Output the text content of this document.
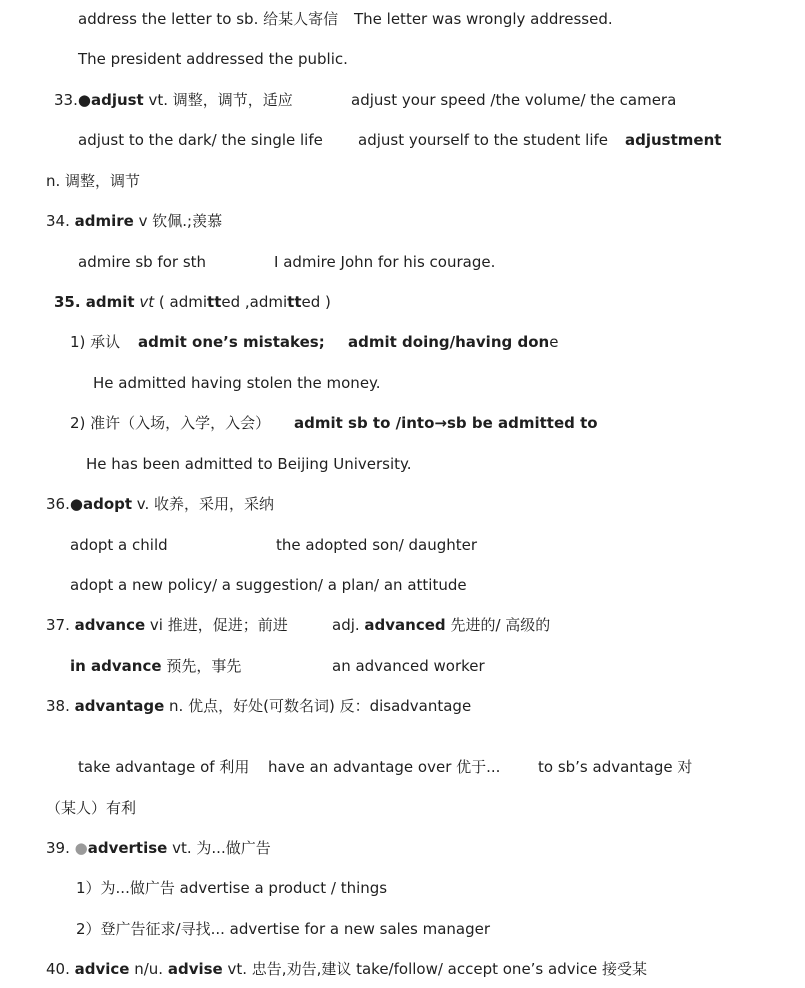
address the letter to sb. 给某人寄信 The letter was wrongly addressed.
The president addressed the public.
33.●adjust vt. 调整，调节，适应	adjust your speed /the volume/ the camera
adjust to the dark/ the single life adjust yourself to the student life adjustment
n. 调整，调节
34. admire v 钦佩.;羡慕
admire sb for sth	I admire John for his courage.
35. admit vt ( admitted ,admitted )
1) 承认 admit one’s mistakes; admit doing/having done
He admitted having stolen the money.
2) 准许（入场，入学，入会） admit sb to /into→sb be admitted to
He has been admitted to Beijing University.
36.●adopt v. 收养，采用，采纳
adopt a child	the adopted son/ daughter
adopt a new policy/ a suggestion/ a plan/ an attitude
37. advance vi 推进，促进；前进	adj. advanced 先进的/ 高级的
in advance 预先，事先	an advanced worker
38. advantage n. 优点，好处(可数名词) 反：disadvantage
take advantage of 利用 have an advantage over 优于...	to sb’s advantage 对
（某人）有利
39. ●advertise vt. 为...做广告
1）为...做广告 advertise a product / things
2）登广告征求/寻找... advertise for a new sales manager
40. advice n/u. advise vt. 忠告,劝告,建议 take/follow/ accept one’s advice 接受某
